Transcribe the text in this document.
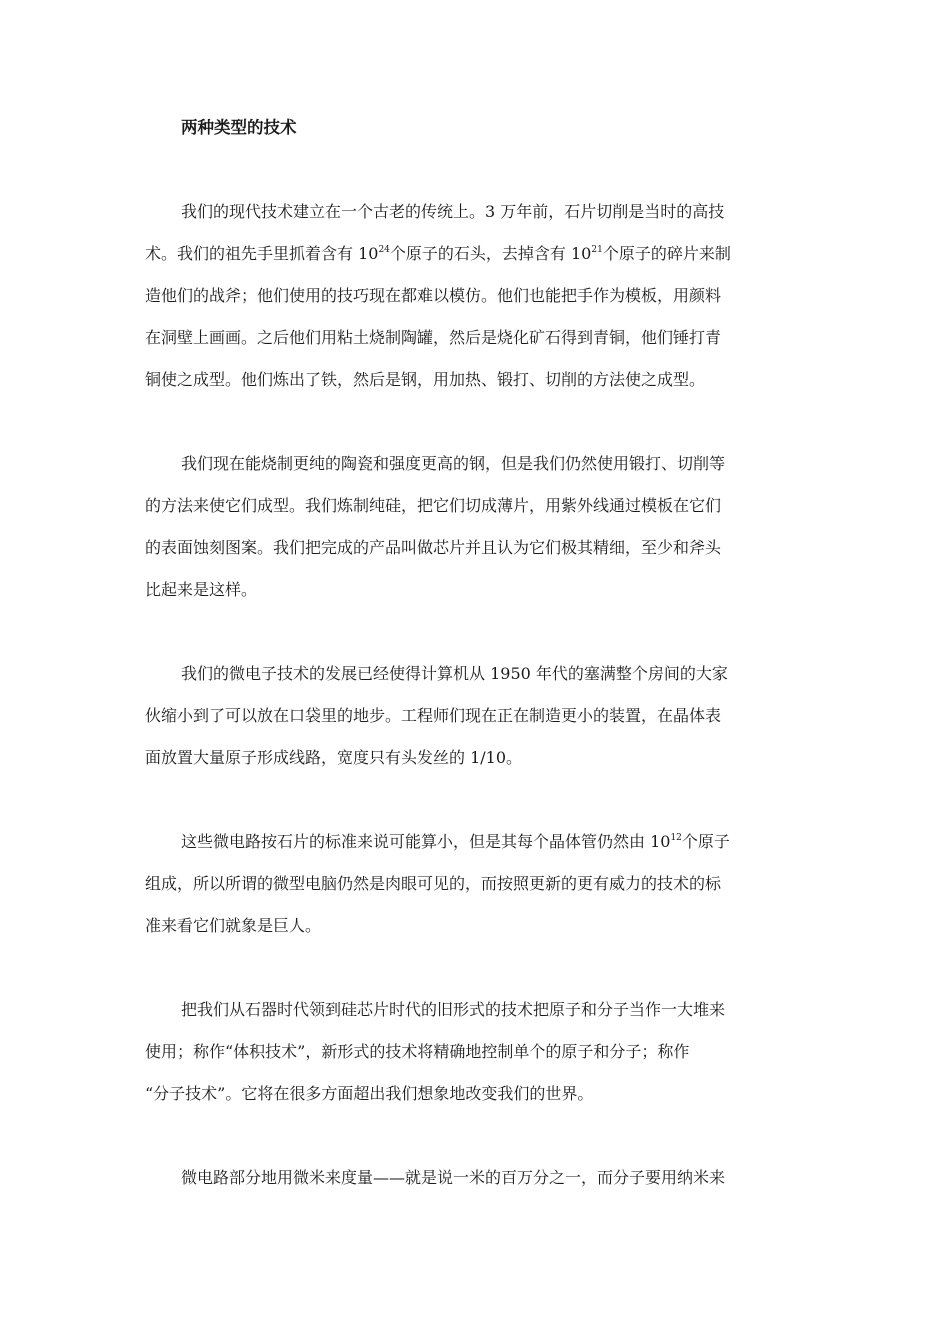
两种类型的技术
我们的现代技术建立在一个古老的传统上。3 万年前，石片切削是当时的高技
术。我们的祖先手里抓着含有 $10^{24}$个原子的石头，去掉含有 $10^{21}$个原子的碎片来制
造他们的战斧；他们使用的技巧现在都难以模仿。他们也能把手作为模板，用颜料
在洞壁上画画。之后他们用粘土烧制陶罐，然后是烧化矿石得到青铜，他们锤打青
铜使之成型。他们炼出了铁，然后是钢，用加热、锻打、切削的方法使之成型。
我们现在能烧制更纯的陶瓷和强度更高的钢，但是我们仍然使用锻打、切削等
的方法来使它们成型。我们炼制纯硅，把它们切成薄片，用紫外线通过模板在它们
的表面蚀刻图案。我们把完成的产品叫做芯片并且认为它们极其精细，至少和斧头
比起来是这样。
我们的微电子技术的发展已经使得计算机从 1950 年代的塞满整个房间的大家
伙缩小到了可以放在口袋里的地步。工程师们现在正在制造更小的装置，在晶体表
面放置大量原子形成线路，宽度只有头发丝的 1/10。
这些微电路按石片的标准来说可能算小，但是其每个晶体管仍然由 $10^{12}$个原子
组成，所以所谓的微型电脑仍然是肉眼可见的，而按照更新的更有威力的技术的标
准来看它们就象是巨人。
把我们从石器时代领到硅芯片时代的旧形式的技术把原子和分子当作一大堆来
使用；称作“体积技术”，新形式的技术将精确地控制单个的原子和分子；称作
“分子技术”。它将在很多方面超出我们想象地改变我们的世界。
微电路部分地用微米来度量——就是说一米的百万分之一，而分子要用纳米来
